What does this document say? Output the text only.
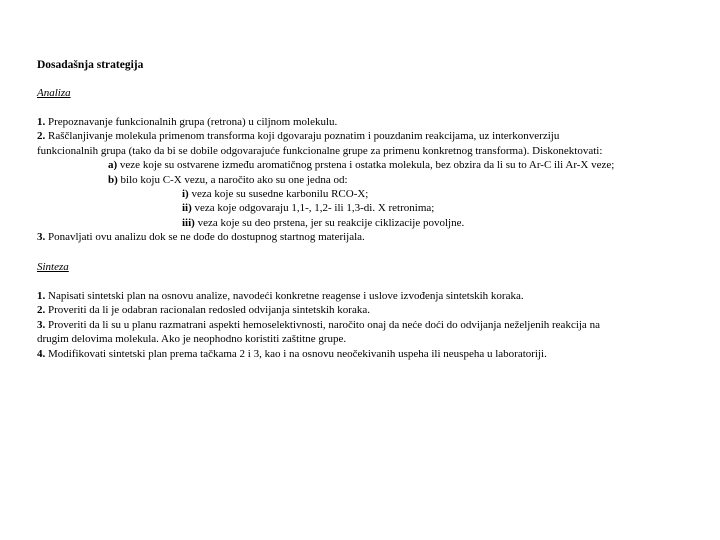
Dosadašnja strategija
Analiza

1. Prepoznavanje funkcionalnih grupa (retrona) u ciljnom molekulu.

2. Raščlanjivanje molekula primenom transforma koji dgovaraju poznatim i pouzdanim reakcijama, uz interkonverziju

funkcionalnih grupa (tako da bi se dobile odgovarajuće funkcionalne grupe za primenu konkretnog transforma). Diskonektovati:

a) veze koje su ostvarene između aromatičnog prstena i ostatka molekula, bez obzira da li su to Ar-C ili Ar-X veze;

b) bilo koju C-X vezu, a naročito ako su one jedna od:

i) veza koje su susedne karbonilu RCO-X;

ii) veza koje odgovaraju 1,1-, 1,2- ili 1,3-di. X retronima;

iii) veza koje su deo prstena, jer su reakcije ciklizacije povoljne.

3. Ponavljati ovu analizu dok se ne dođe do dostupnog startnog materijala.

Sinteza

1. Napisati sintetski plan na osnovu analize, navodeći konkretne reagense i uslove izvođenja sintetskih koraka.

2. Proveriti da li je odabran racionalan redosled odvijanja sintetskih koraka.

3. Proveriti da li su u planu razmatrani aspekti hemoselektivnosti, naročito onaj da neće doći do odvijanja neželjenih reakcija na

drugim delovima molekula. Ako je neophodno koristiti zaštitne grupe.

4. Modifikovati sintetski plan prema tačkama 2 i 3, kao i na osnovu neočekivanih uspeha ili neuspeha u laboratoriji.
